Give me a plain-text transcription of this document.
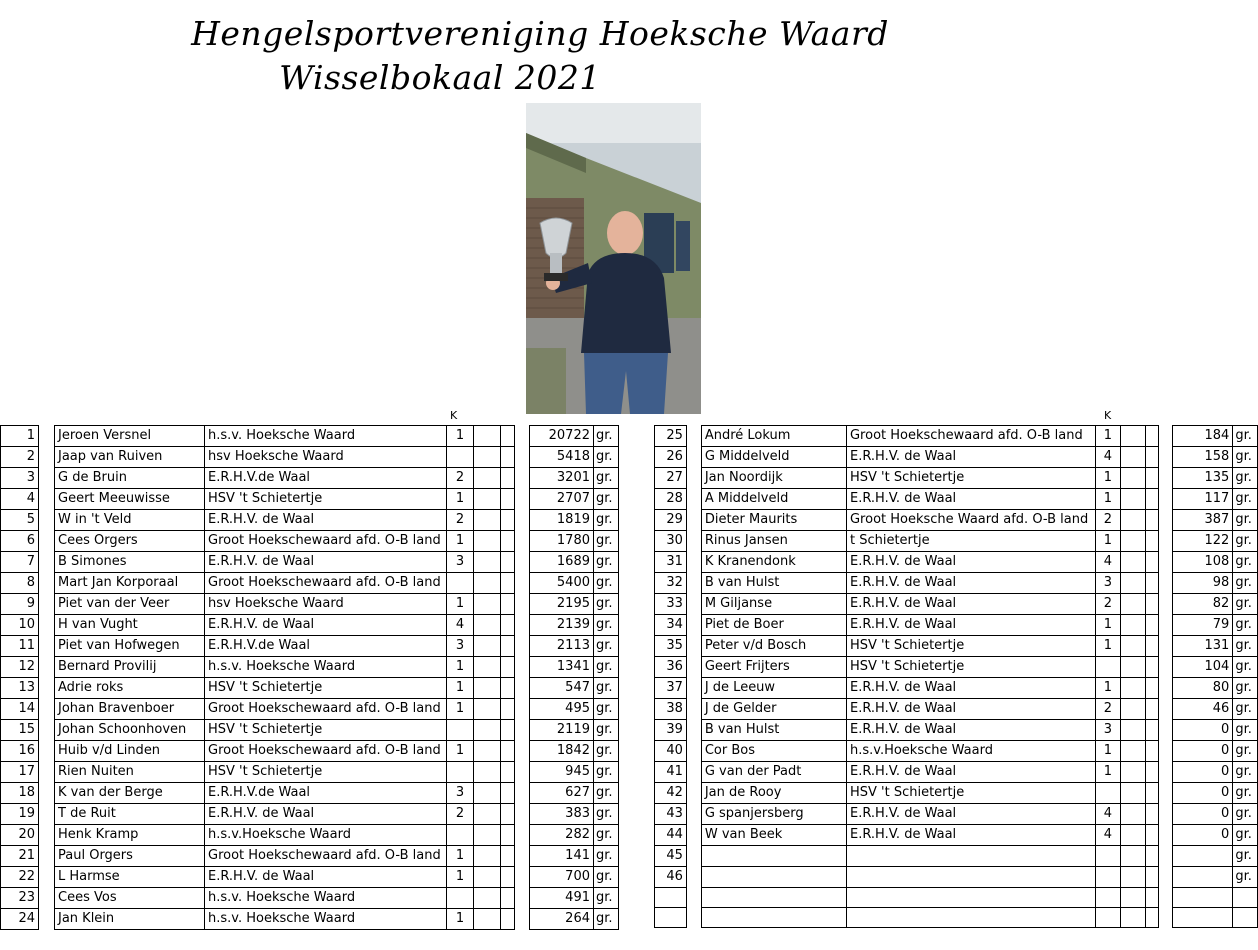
Hengelsportvereniging Hoeksche Waard
Wisselbokaal 2021
K	K
1		Jeroen Versnel	h.s.v. Hoeksche Waard	1				20722	gr.
2		Jaap van Ruiven	hsv Hoeksche Waard					5418	gr.
3		G de Bruin	E.R.H.V.de Waal	2				3201	gr.
4		Geert Meeuwisse	HSV 't Schietertje	1				2707	gr.
5		W in 't Veld	E.R.H.V. de Waal	2				1819	gr.
6		Cees Orgers	Groot Hoekschewaard afd. O-B land	1				1780	gr.
7		B Simones	E.R.H.V. de Waal	3				1689	gr.
8		Mart Jan Korporaal	Groot Hoekschewaard afd. O-B land					5400	gr.
9		Piet van der Veer	hsv Hoeksche Waard	1				2195	gr.
10		H van Vught	E.R.H.V. de Waal	4				2139	gr.
11		Piet van Hofwegen	E.R.H.V.de Waal	3				2113	gr.
12		Bernard Provilij	h.s.v. Hoeksche Waard	1				1341	gr.
13		Adrie roks	HSV 't Schietertje	1				547	gr.
14		Johan Bravenboer	Groot Hoekschewaard afd. O-B land	1				495	gr.
15		Johan Schoonhoven	HSV 't Schietertje					2119	gr.
16		Huib v/d Linden	Groot Hoekschewaard afd. O-B land	1				1842	gr.
17		Rien Nuiten	HSV 't Schietertje					945	gr.
18		K van der Berge	E.R.H.V.de Waal	3				627	gr.
19		T de Ruit	E.R.H.V. de Waal	2				383	gr.
20		Henk Kramp	h.s.v.Hoeksche Waard					282	gr.
21		Paul Orgers	Groot Hoekschewaard afd. O-B land	1				141	gr.
22		L Harmse	E.R.H.V. de Waal	1				700	gr.
23		Cees Vos	h.s.v. Hoeksche Waard					491	gr.
24		Jan Klein	h.s.v. Hoeksche Waard	1				264	gr.
25		André Lokum	Groot Hoekschewaard afd. O-B land	1				184	gr.
26		G Middelveld	E.R.H.V. de Waal	4				158	gr.
27		Jan Noordijk	HSV 't Schietertje	1				135	gr.
28		A Middelveld	E.R.H.V. de Waal	1				117	gr.
29		Dieter Maurits	Groot Hoeksche Waard afd. O-B land	2				387	gr.
30		Rinus Jansen	t Schietertje	1				122	gr.
31		K Kranendonk	E.R.H.V. de Waal	4				108	gr.
32		B van Hulst	E.R.H.V. de Waal	3				98	gr.
33		M Giljanse	E.R.H.V. de Waal	2				82	gr.
34		Piet de Boer	E.R.H.V. de Waal	1				79	gr.
35		Peter v/d Bosch	HSV 't Schietertje	1				131	gr.
36		Geert Frijters	HSV 't Schietertje					104	gr.
37		J de Leeuw	E.R.H.V. de Waal	1				80	gr.
38		J de Gelder	E.R.H.V. de Waal	2				46	gr.
39		B van Hulst	E.R.H.V. de Waal	3				0	gr.
40		Cor Bos	h.s.v.Hoeksche Waard	1				0	gr.
41		G van der Padt	E.R.H.V. de Waal	1				0	gr.
42		Jan de Rooy	HSV 't Schietertje					0	gr.
43		G spanjersberg	E.R.H.V. de Waal	4				0	gr.
44		W van Beek	E.R.H.V. de Waal	4				0	gr.
45									gr.
46									gr.
